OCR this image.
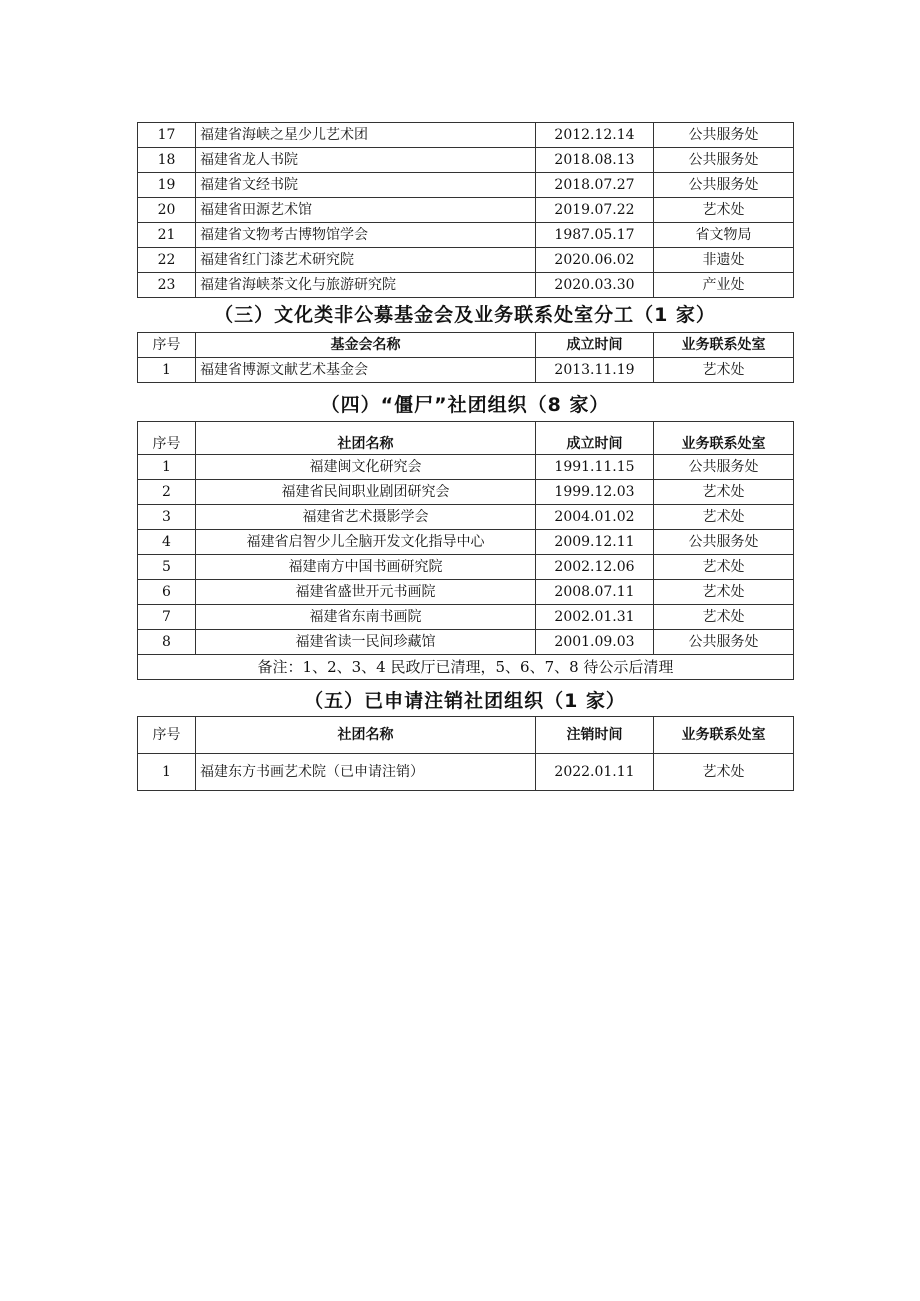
17	福建省海峡之星少儿艺术团	2012.12.14	公共服务处
18	福建省龙人书院	2018.08.13	公共服务处
19	福建省文经书院	2018.07.27	公共服务处
20	福建省田源艺术馆	2019.07.22	艺术处
21	福建省文物考古博物馆学会	1987.05.17	省文物局
22	福建省红门漆艺术研究院	2020.06.02	非遗处
23	福建省海峡茶文化与旅游研究院	2020.03.30	产业处
（三）文化类非公募基金会及业务联系处室分工（1 家）
序号	基金会名称	成立时间	业务联系处室
1	福建省博源文献艺术基金会	2013.11.19	艺术处
（四）“僵尸”社团组织（8 家）
序号	社团名称	成立时间	业务联系处室
1	福建闽文化研究会	1991.11.15	公共服务处
2	福建省民间职业剧团研究会	1999.12.03	艺术处
3	福建省艺术摄影学会	2004.01.02	艺术处
4	福建省启智少儿全脑开发文化指导中心	2009.12.11	公共服务处
5	福建南方中国书画研究院	2002.12.06	艺术处
6	福建省盛世开元书画院	2008.07.11	艺术处
7	福建省东南书画院	2002.01.31	艺术处
8	福建省读一民间珍藏馆	2001.09.03	公共服务处
备注：1、2、3、4 民政厅已清理，5、6、7、8 待公示后清理			
（五）已申请注销社团组织（1 家）
序号	社团名称	注销时间	业务联系处室
1	福建东方书画艺术院（已申请注销）	2022.01.11	艺术处
